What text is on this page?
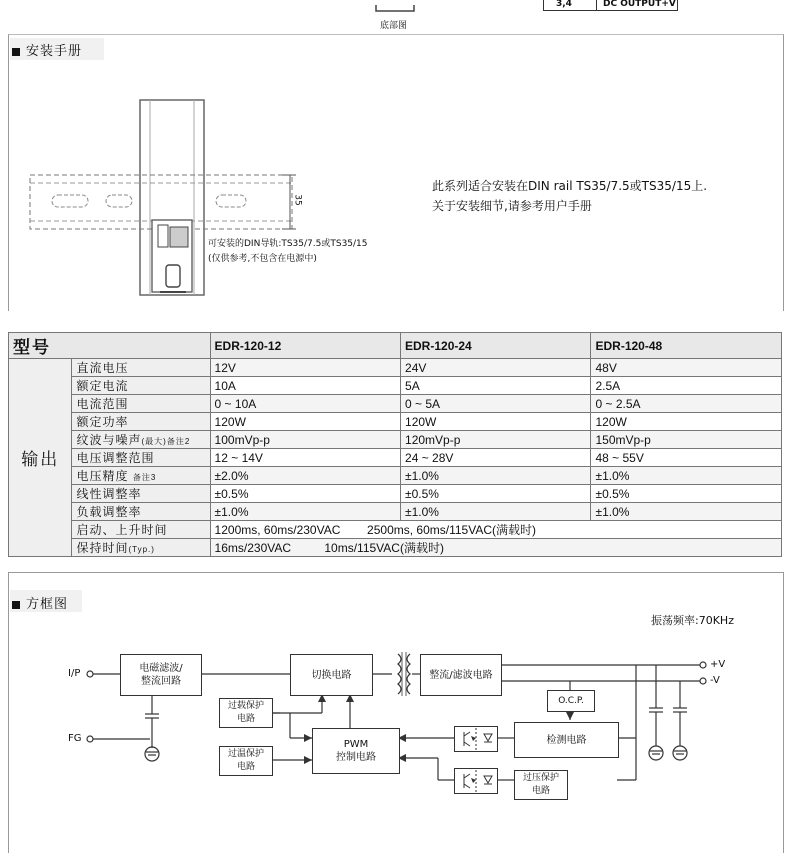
底部图
3,4	DC OUTPUT+V
安装手册
35
可安装的DIN导轨:TS35/7.5或TS35/15
(仅供参考,不包含在电源中)
此系列适合安装在DIN rail TS35/7.5或TS35/15上.
关于安装细节,请参考用户手册
型号		EDR-120-12	EDR-120-24	EDR-120-48
输出	直流电压	12V	24V	48V
	额定电流	10A	5A	2.5A
	电流范围	0 ~ 10A	0 ~ 5A	0 ~ 2.5A
	额定功率	120W	120W	120W
	纹波与噪声(最大)备注2	100mVp-p	120mVp-p	150mVp-p
	电压调整范围	12 ~ 14V	24 ~ 28V	48 ~ 55V
	电压精度 备注3	±2.0%	±1.0%	±1.0%
	线性调整率	±0.5%	±0.5%	±0.5%
	负载调整率	±1.0%	±1.0%	±1.0%
	启动、上升时间	1200ms, 60ms/230VAC        2500ms, 60ms/115VAC(满载时)		
	保持时间(Typ.)	16ms/230VAC          10ms/115VAC(满载时)		
方框图
振荡频率:70KHz
I/P
FG
+V
-V
电磁滤波/
整流回路
切换电路	整流/滤波电路
O.C.P.
过载保护
电路
过温保护
电路
PWM
控制电路
检测电路
过压保护
电路
